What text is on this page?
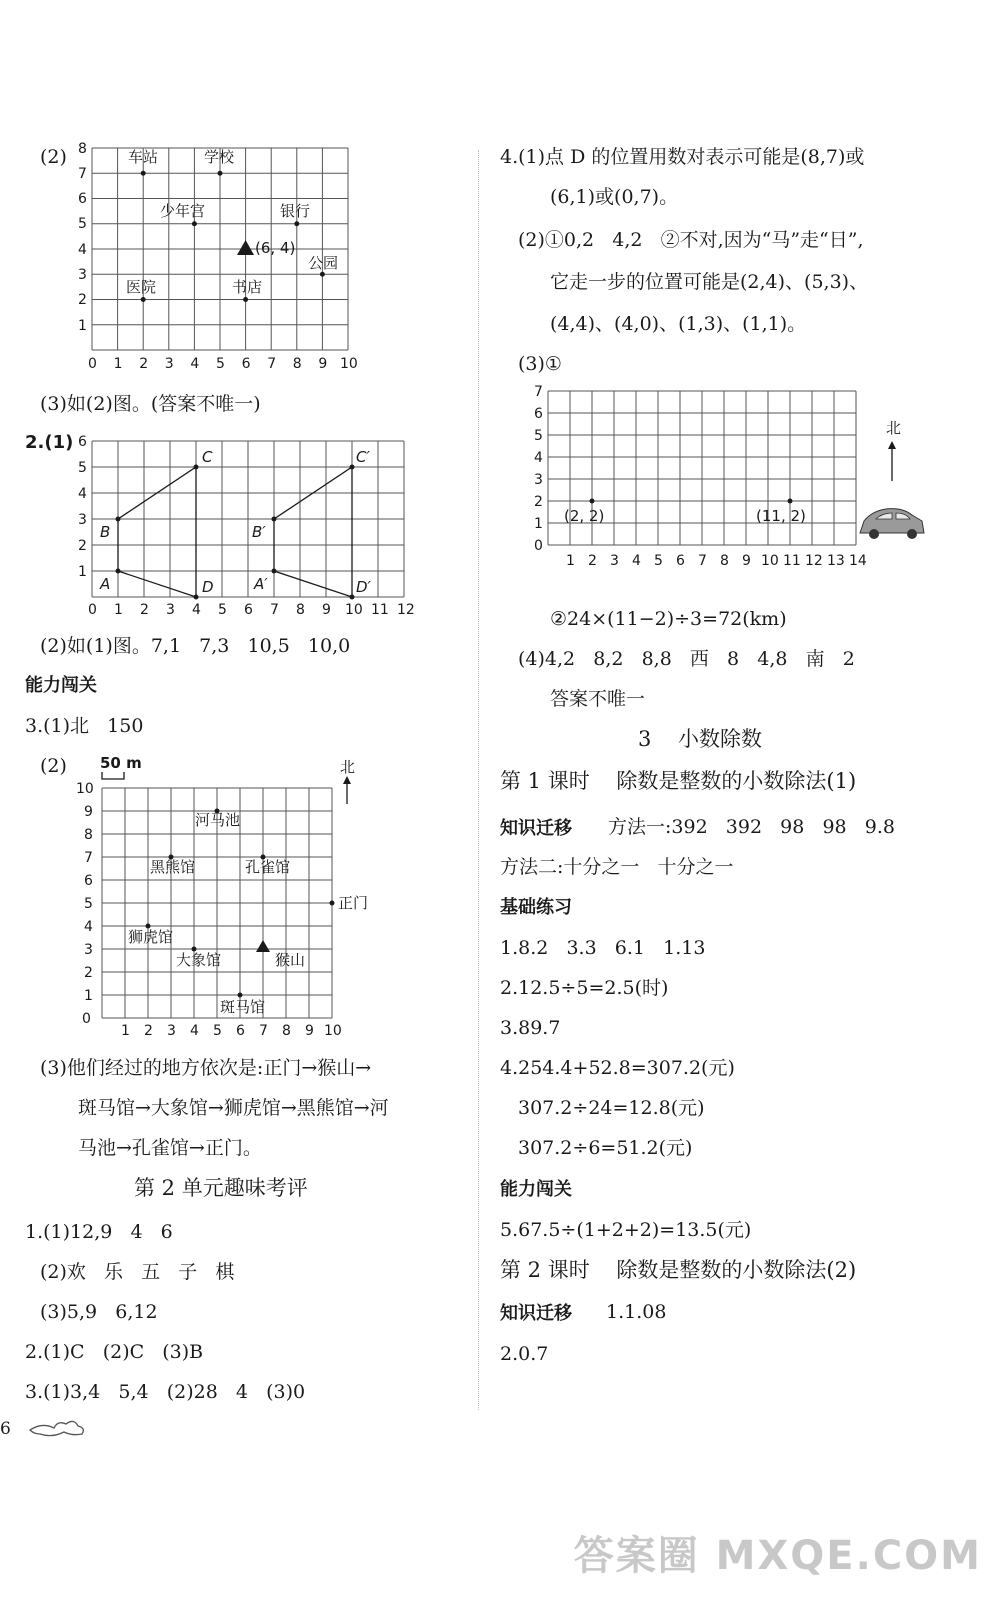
(2)
0 1 2 3 4 5 6 7 8 9 10
1
2
3
4
5
6
7
8	车站	学校
少年宫	银行
公园
医院	书店
(6, 4)
(3)如(2)图。(答案不唯一)
2.(1)
A
B
C
D	A′
B′
C′
D′
0 1 2 3 4 5 6 7 8 9 10 11 12
1
2
3
4
5
6
(2)如(1)图。7,1   7,3   10,5   10,0
能力闯关
3.(1)北   150
(2) 50 m	北
河马池
黑熊馆	孔雀馆
正门
狮虎馆
大象馆	猴山
斑马馆
0
1 2 3 4 5 6 7 8 9 10
1
2
3
4
5
6
7
8
9
10
(3)他们经过的地方依次是:正门→猴山→
斑马馆→大象馆→狮虎馆→黑熊馆→河
马池→孔雀馆→正门。
第 2 单元趣味考评
1.(1)12,9   4   6
(2)欢   乐   五   子   棋
(3)5,9   6,12
2.(1)C   (2)C   (3)B
3.(1)3,4   5,4   (2)28   4   (3)0
6
4.(1)点 D 的位置用数对表示可能是(8,7)或
(6,1)或(0,7)。
(2)①0,2   4,2   ②不对,因为“马”走“日”,
它走一步的位置可能是(2,4)、(5,3)、
(4,4)、(4,0)、(1,3)、(1,1)。
(3)①
(2, 2)	(11, 2)
北
1 2 3 4 5 6 7 8 9 10 11 12 13 14
0
1
2
3
4
5
6
7
②24×(11−2)÷3=72(km)
(4)4,2   8,2   8,8   西   8   4,8   南   2
答案不唯一
3    小数除数
第 1 课时    除数是整数的小数除法(1)
知识迁移 方法一:392   392   98   98   9.8
方法二:十分之一   十分之一
基础练习
1.8.2   3.3   6.1   1.13
2.12.5÷5=2.5(时)
3.89.7
4.254.4+52.8=307.2(元)
307.2÷24=12.8(元)
307.2÷6=51.2(元)
能力闯关
5.67.5÷(1+2+2)=13.5(元)
第 2 课时    除数是整数的小数除法(2)
知识迁移 1.1.08
2.0.7
答案圈 MXQE.COM
